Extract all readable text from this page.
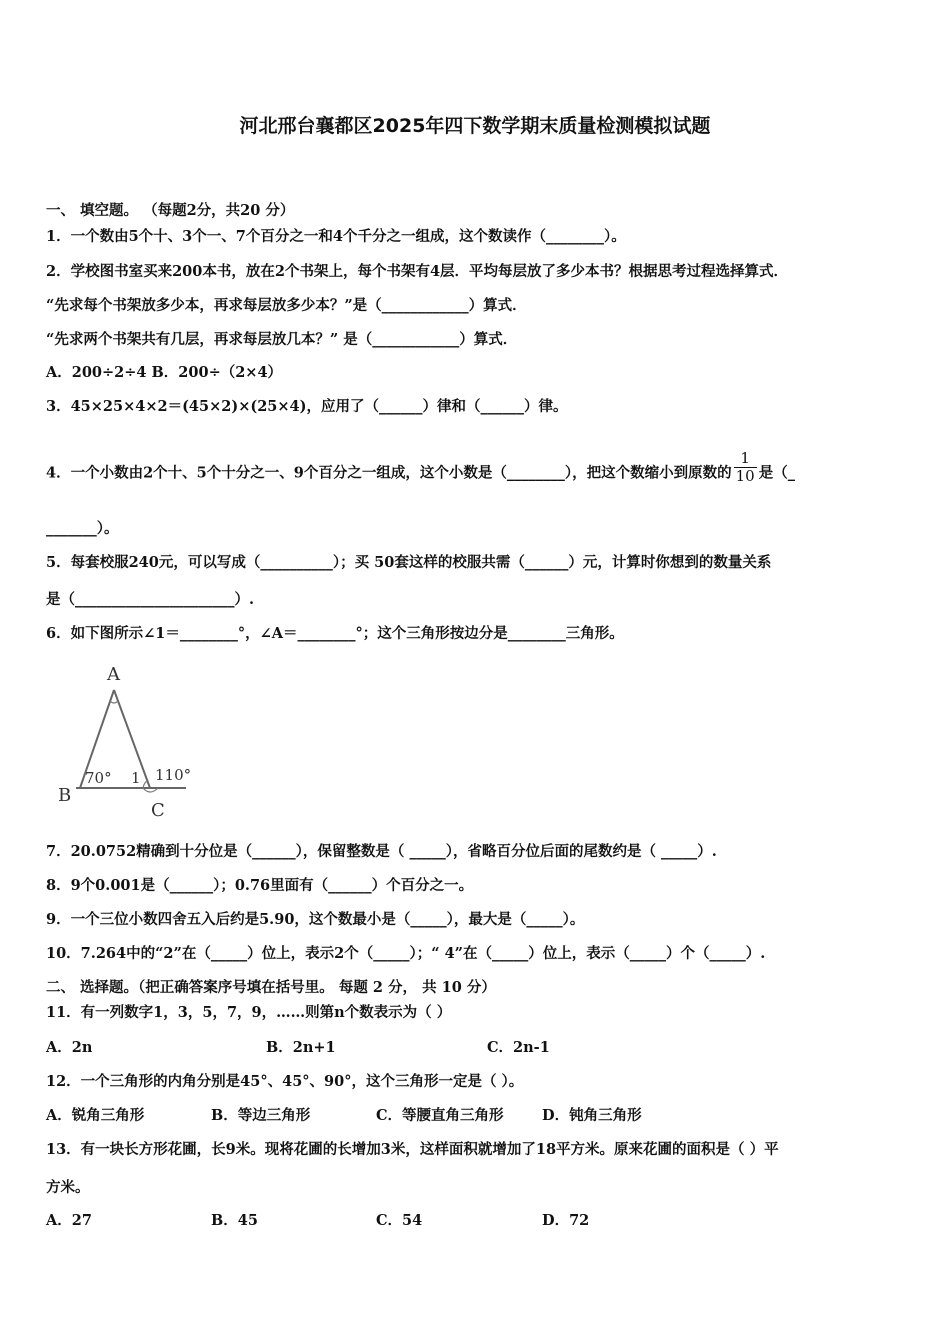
河北邢台襄都区2025年四下数学期末质量检测模拟试题
一、 填空题。 （每题2分，共20 分）
1．一个数由5个十、3个一、7个百分之一和4个千分之一组成，这个数读作（________）。
2．学校图书室买来200本书，放在2个书架上，每个书架有4层．平均每层放了多少本书？根据思考过程选择算式．
“先求每个书架放多少本，再求每层放多少本？”是（____________）算式．
“先求两个书架共有几层，再求每层放几本？” 是（____________）算式．
A．200÷2÷4 B．200÷（2×4）
3．45×25×4×2＝(45×2)×(25×4)，应用了（______）律和（______）律。
4．一个小数由2个十、5个十分之一、9个百分之一组成，这个小数是（________），把这个数缩小到原数的 $\frac{1}{10}$ 是（_
_______）。
5．每套校服240元，可以写成（__________）；买 50套这样的校服共需（______）元，计算时你想到的数量关系
是（______________________）.
6．如下图所示∠1＝________°，∠A＝________°；这个三角形按边分是________三角形。
A
B
C
70° 1 110°
7．20.0752精确到十分位是（______），保留整数是（ _____），省略百分位后面的尾数约是（ _____）.
8．9个0.001是（______）；0.76里面有（______）个百分之一。
9．一个三位小数四舍五入后约是5.90，这个数最小是（_____），最大是（_____）。
10．7.264中的“2”在（_____）位上，表示2个（_____）；“ 4”在（_____）位上，表示（_____）个（_____）.
二、 选择题。（把正确答案序号填在括号里。 每题 2 分， 共 10 分）
11．有一列数字1，3，5，7，9，……则第n个数表示为（ ）
A．2n	B．2n+1	C．2n-1
12．一个三角形的内角分别是45°、45°、90°，这个三角形一定是（ ）。
A．锐角三角形	B．等边三角形	C．等腰直角三角形	D．钝角三角形
13．有一块长方形花圃，长9米。现将花圃的长增加3米，这样面积就增加了18平方米。原来花圃的面积是（ ）平
方米。
A．27	B．45	C．54	D．72
